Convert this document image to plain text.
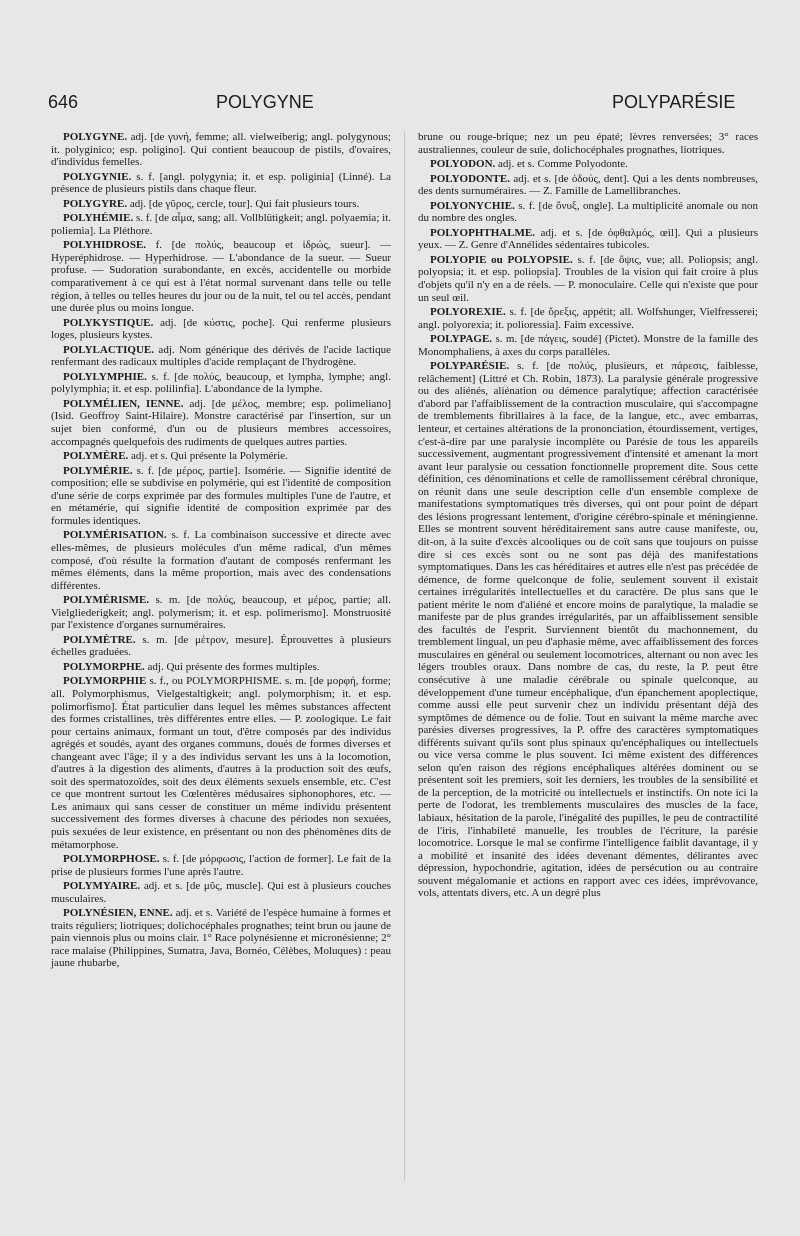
646	POLYGYNE	POLYPARÉSIE

POLYGYNE. adj. [de γυνή, femme; all. vielweiberig; angl. polygynous; it. polyginico; esp. poligino]. Qui contient beaucoup de pistils, d'ovaires, d'individus femelles.

POLYGYNIE. s. f. [angl. polygynia; it. et esp. poliginia] (Linné). La présence de plusieurs pistils dans chaque fleur.

POLYGYRE. adj. [de γῦρος, cercle, tour]. Qui fait plusieurs tours.

POLYHÉMIE. s. f. [de αἷμα, sang; all. Vollblütigkeit; angl. polyaemia; it. poliemia]. La Pléthore.

POLYHIDROSE. f. [de πολύς, beaucoup et ἱδρώς, sueur]. — Hyperéphidrose. — Hyperhidrose. — L'abondance de la sueur. — Sueur profuse. — Sudoration surabondante, en excès, accidentelle ou morbide comparativement à ce qui est à l'état normal survenant dans telle ou telle région, à telles ou telles heures du jour ou de la nuit, tel ou tel accès, pendant une durée plus ou moins longue.

POLYKYSTIQUE. adj. [de κύστις, poche]. Qui renferme plusieurs loges, plusieurs kystes.

POLYLACTIQUE. adj. Nom générique des dérivés de l'acide lactique renfermant des radicaux multiples d'acide remplaçant de l'hydrogène.

POLYLYMPHIE. s. f. [de πολύς, beaucoup, et lympha, lymphe; angl. polylymphia; it. et esp. polilinfia]. L'abondance de la lymphe.

POLYMÉLIEN, IENNE. adj. [de μέλος, membre; esp. polimeliano] (Isid. Geoffroy Saint-Hilaire). Monstre caractérisé par l'insertion, sur un sujet bien conformé, d'un ou de plusieurs membres accessoires, accompagnés quelquefois des rudiments de quelques autres parties.

POLYMÈRE. adj. et s. Qui présente la Polymérie.

POLYMÉRIE. s. f. [de μέρος, partie]. Isomérie. — Signifie identité de composition; elle se subdivise en polymérie, qui est l'identité de composition d'une série de corps exprimée par des formules multiples l'une de l'autre, et en métamérie, qui signifie identité de composition exprimée par des formules identiques.

POLYMÉRISATION. s. f. La combinaison successive et directe avec elles-mêmes, de plusieurs molécules d'un même radical, d'un mêmes composé, d'où résulte la formation d'autant de composés renfermant les mêmes éléments, dans la même proportion, mais avec des condensations différentes.

POLYMÉRISME. s. m. [de πολύς, beaucoup, et μέρος, partie; all. Vielgliederigkeit; angl. polymerism; it. et esp. polimerismo]. Monstruosité par l'existence d'organes surnuméraires.

POLYMÈTRE. s. m. [de μέτρον, mesure]. Éprouvettes à plusieurs échelles graduées.

POLYMORPHE. adj. Qui présente des formes multiples.

POLYMORPHIE s. f., ou POLYMORPHISME. s. m. [de μορφή, forme; all. Polymorphismus, Vielgestaltigkeit; angl. polymorphism; it. et esp. polimorfismo]. État particulier dans lequel les mêmes substances affectent des formes cristallines, très différentes entre elles. — P. zoologique. Le fait pour certains animaux, formant un tout, d'être composés par des individus agrégés et soudés, ayant des organes communs, doués de formes diverses et changeant avec l'âge; il y a des individus servant les uns à la locomotion, d'autres à la digestion des aliments, d'autres à la production soit des œufs, soit des spermatozoïdes, soit des deux éléments sexuels ensemble, etc. C'est ce que montrent surtout les Cœlentères médusaires siphonophores, etc. — Les animaux qui sans cesser de constituer un même individu présentent successivement des formes diverses à chacune des périodes non sexuées, puis sexuées de leur existence, en présentant ou non des phénomènes dits de métamorphose.

POLYMORPHOSE. s. f. [de μόρφωσις, l'action de former]. Le fait de la prise de plusieurs formes l'une après l'autre.

POLYMYAIRE. adj. et s. [de μῦς, muscle]. Qui est à plusieurs couches musculaires.

POLYNÉSIEN, ENNE. adj. et s. Variété de l'espèce humaine à formes et traits réguliers; liotriques; dolichocéphales prognathes; teint brun ou jaune de pain viennois plus ou moins clair. 1° Race polynésienne et micronésienne; 2° race malaise (Philippines, Sumatra, Java, Bornéo, Célèbes, Moluques) : peau jaune rhubarbe,

brune ou rouge-brique; nez un peu épaté; lèvres renversées; 3° races australiennes, couleur de suie, dolichocéphales prognathes, liotriques.

POLYODON. adj. et s. Comme Polyodonte.

POLYODONTE. adj. et s. [de ὀδούς, dent]. Qui a les dents nombreuses, des dents surnuméraires. — Z. Famille de Lamellibranches.

POLYONYCHIE. s. f. [de ὄνυξ, ongle]. La multiplicité anomale ou non du nombre des ongles.

POLYOPHTHALME. adj. et s. [de ὀφθαλμός, œil]. Qui a plusieurs yeux. — Z. Genre d'Annélides sédentaires tubicoles.

POLYOPIE ou POLYOPSIE. s. f. [de ὄψις, vue; all. Poliopsis; angl. polyopsia; it. et esp. poliopsia]. Troubles de la vision qui fait croire à plus d'objets qu'il n'y en a de réels. — P. monoculaire. Celle qui n'existe que pour un seul œil.

POLYOREXIE. s. f. [de ὄρεξις, appétit; all. Wolfshunger, Vielfresserei; angl. polyorexia; it. polioressia]. Faim excessive.

POLYPAGE. s. m. [de πάγεις, soudé] (Pictet). Monstre de la famille des Monomphaliens, à axes du corps parallèles.

POLYPARÉSIE. s. f. [de πολύς, plusieurs, et πάρεσις, faiblesse, relâchement] (Littré et Ch. Robin, 1873). La paralysie générale progressive ou des aliénés, aliénation ou démence paralytique; affection caractérisée d'abord par l'affaiblissement de la contraction musculaire, qui s'accompagne de tremblements fibrillaires à la face, de la langue, etc., avec embarras, lenteur, et certaines altérations de la prononciation, étourdissement, vertiges, c'est-à-dire par une paralysie incomplète ou Parésie de tous les appareils successivement, augmentant progressivement d'intensité et amenant la mort avant leur paralysie ou cessation fonctionnelle proprement dite. Sous cette définition, ces dénominations et celle de ramollissement cérébral chronique, on réunit dans une seule description celle d'un ensemble complexe de manifestations symptomatiques très diverses, qui ont pour point de départ des lésions progressant lentement, d'origine cérébro-spinale et méningienne. Elles se montrent souvent héréditairement sans autre cause manifeste, ou, dit-on, à la suite d'excès alcooliques ou de coït sans que toujours on puisse dire si ces excès sont ou ne sont pas déjà des manifestations symptomatiques. Dans les cas héréditaires et autres elle n'est pas précédée de démence, de forme quelconque de folie, seulement souvent il existait certaines irrégularités intellectuelles et du caractère. De plus sans que le patient mérite le nom d'aliéné et encore moins de paralytique, la maladie se manifeste par de plus grandes irrégularités, par un affaiblissement sensible des facultés de l'esprit. Surviennent bientôt du machonnement, du tremblement lingual, un peu d'aphasie même, avec affaiblissement des forces musculaires en général ou seulement locomotrices, alternant ou non avec les légers troubles oraux. Dans nombre de cas, du reste, la P. peut être consécutive à une maladie cérébrale ou spinale quelconque, au développement d'une tumeur encéphalique, d'un épanchement apoplectique, comme aussi elle peut survenir chez un individu présentant déjà des symptômes de démence ou de folie. Tout en suivant la même marche avec parésies diverses progressives, la P. offre des caractères symptomatiques différents suivant qu'ils sont plus spinaux qu'encéphaliques ou intellectuels ou vice versa comme le plus souvent. Ici même existent des différences selon qu'en raison des régions encéphaliques altérées dominent ou se présentent soit les premiers, soit les derniers, les troubles de la sensibilité et de la perception, de la motricité ou intellectuels et instinctifs. On note ici la perte de l'odorat, les tremblements musculaires des muscles de la face, labiaux, hésitation de la parole, l'inégalité des pupilles, le peu de contractilité de l'iris, l'inhabileté manuelle, les troubles de l'écriture, la parésie locomotrice. Lorsque le mal se confirme l'intelligence faiblit davantage, il y a mobilité et insanité des idées devenant démentes, délirantes avec dépression, hypochondrie, agitation, idées de persécution ou au contraire souvent mégalomanie et actions en rapport avec ces idées, imprévovance, vols, attentats divers, etc. A un degré plus
